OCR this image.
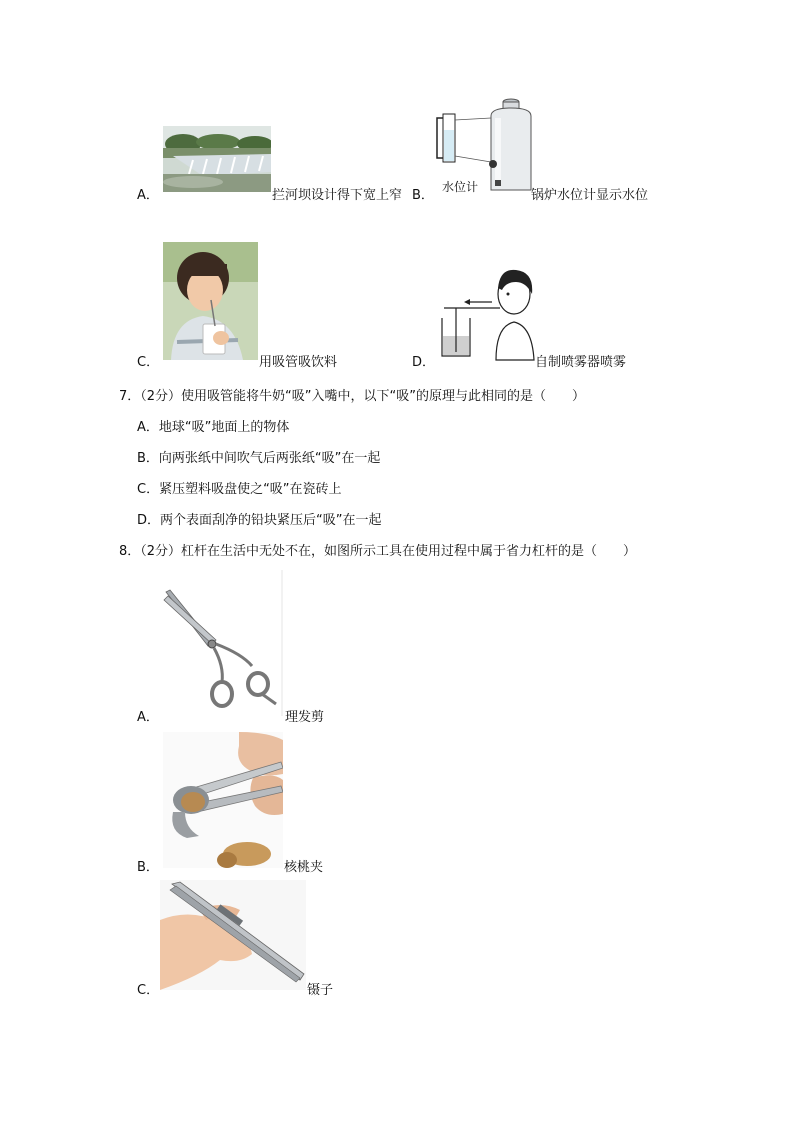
A．	拦河坝设计得下宽上窄 B．
水位计
锅炉水位计显示水位
C．	用吸管吸饮料	D．	自制喷雾器喷雾
7．（2分）使用吸管能将牛奶“吸”入嘴中，以下“吸”的原理与此相同的是（　　）
A．地球“吸”地面上的物体
B．向两张纸中间吹气后两张纸“吸”在一起
C．紧压塑料吸盘使之“吸”在瓷砖上
D．两个表面刮净的铅块紧压后“吸”在一起
8．（2分）杠杆在生活中无处不在，如图所示工具在使用过程中属于省力杠杆的是（　　）
A．	理发剪
B．	核桃夹
C．	镊子
